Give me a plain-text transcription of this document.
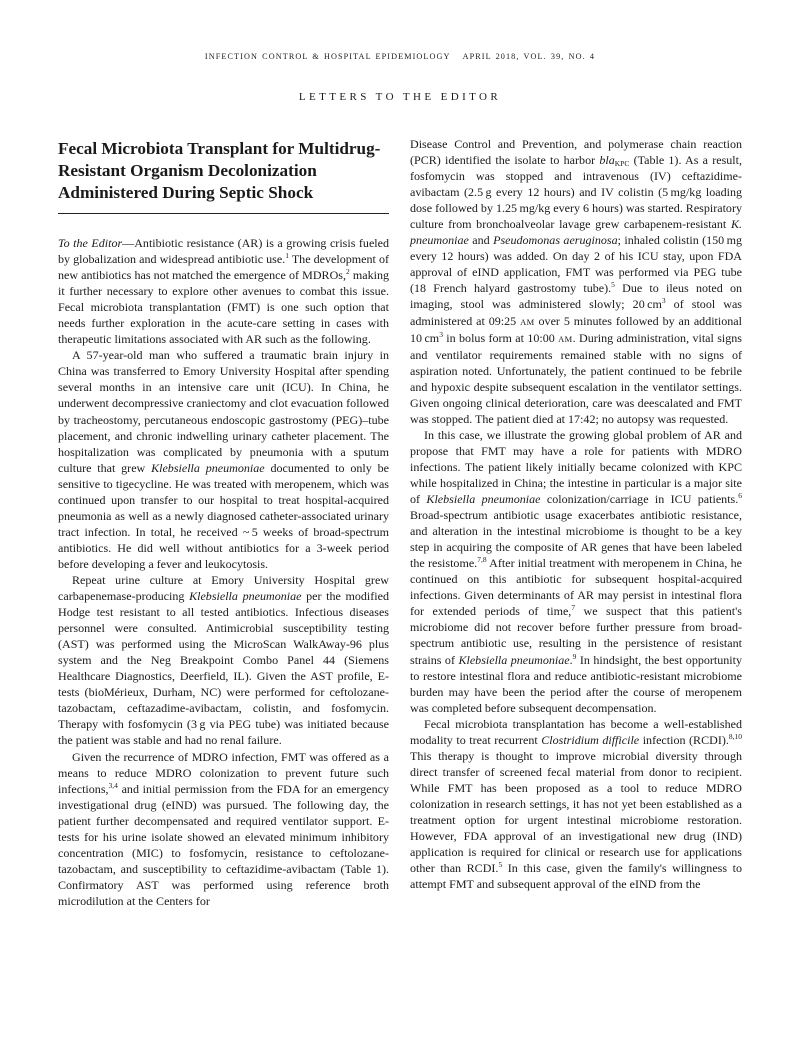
INFECTION CONTROL & HOSPITAL EPIDEMIOLOGY APRIL 2018, VOL. 39, NO. 4
LETTERS TO THE EDITOR
Fecal Microbiota Transplant for Multidrug-Resistant Organism Decolonization Administered During Septic Shock

To the Editor—Antibiotic resistance (AR) is a growing crisis fueled by globalization and widespread antibiotic use.$^1$ The development of new antibiotics has not matched the emergence of MDROs,$^2$ making it further necessary to explore other avenues to combat this issue. Fecal microbiota transplantation (FMT) is one such option that needs further exploration in the acute-care setting in cases with therapeutic limitations associated with AR such as the following.

A 57-year-old man who suffered a traumatic brain injury in China was transferred to Emory University Hospital after spending several months in an intensive care unit (ICU). In China, he underwent decompressive craniectomy and clot evacuation followed by tracheostomy, percutaneous endoscopic gastrostomy (PEG)–tube placement, and chronic indwelling urinary catheter placement. The hospitalization was complicated by pneumonia with a sputum culture that grew Klebsiella pneumoniae documented to only be sensitive to tigecycline. He was treated with meropenem, which was continued upon transfer to our hospital to treat hospital-acquired pneumonia as well as a newly diagnosed catheter-associated urinary tract infection. In total, he received ~ 5 weeks of broad-spectrum antibiotics. He did well without antibiotics for a 3-week period before developing a fever and leukocytosis.

Repeat urine culture at Emory University Hospital grew carbapenemase-producing Klebsiella pneumoniae per the modified Hodge test resistant to all tested antibiotics. Infectious diseases personnel were consulted. Antimicrobial susceptibility testing (AST) was performed using the MicroScan WalkAway-96 plus system and the Neg Breakpoint Combo Panel 44 (Siemens Healthcare Diagnostics, Deerfield, IL). Given the AST profile, E-tests (bioMérieux, Durham, NC) were performed for ceftolozane-tazobactam, ceftazadime-avibactam, colistin, and fosfomycin. Therapy with fosfomycin (3 g via PEG tube) was initiated because the patient was stable and had no renal failure.

Given the recurrence of MDRO infection, FMT was offered as a means to reduce MDRO colonization to prevent future such infections,$^{3,4}$ and initial permission from the FDA for an emergency investigational drug (eIND) was pursued. The following day, the patient further decompensated and required ventilator support. E-tests for his urine isolate showed an elevated minimum inhibitory concentration (MIC) to fosfomycin, resistance to ceftolozane-tazobactam, and susceptibility to ceftazidime-avibactam (Table 1). Confirmatory AST was performed using reference broth microdilution at the Centers for

Disease Control and Prevention, and polymerase chain reaction (PCR) identified the isolate to harbor bla$_{KPC}$ (Table 1). As a result, fosfomycin was stopped and intravenous (IV) ceftazidime-avibactam (2.5 g every 12 hours) and IV colistin (5 mg/kg loading dose followed by 1.25 mg/kg every 6 hours) was started. Respiratory culture from bronchoalveolar lavage grew carbapenem-resistant K. pneumoniae and Pseudomonas aeruginosa; inhaled colistin (150 mg every 12 hours) was added. On day 2 of his ICU stay, upon FDA approval of eIND application, FMT was performed via PEG tube (18 French halyard gastrostomy tube).$^5$ Due to ileus noted on imaging, stool was administered slowly; 20 $cm^3$ of stool was administered at 09:25 AM over 5 minutes followed by an additional 10 $cm^3$ in bolus form at 10:00 AM. During administration, vital signs and ventilator requirements remained stable with no signs of aspiration noted. Unfortunately, the patient continued to be febrile and hypoxic despite subsequent escalation in the ventilator settings. Given ongoing clinical deterioration, care was deescalated and FMT was stopped. The patient died at 17:42; no autopsy was requested.

In this case, we illustrate the growing global problem of AR and propose that FMT may have a role for patients with MDRO infections. The patient likely initially became colonized with KPC while hospitalized in China; the intestine in particular is a major site of Klebsiella pneumoniae colonization/carriage in ICU patients.$^6$ Broad-spectrum antibiotic usage exacerbates antibiotic resistance, and alteration in the intestinal microbiome is thought to be a key step in acquiring the composite of AR genes that have been labeled the resistome.$^{7,8}$ After initial treatment with meropenem in China, he continued on this antibiotic for subsequent hospital-acquired infections. Given determinants of AR may persist in intestinal flora for extended periods of time,$^7$ we suspect that this patient's microbiome did not recover before further pressure from broad-spectrum antibiotic use, resulting in the persistence of resistant strains of Klebsiella pneumoniae.$^9$ In hindsight, the best opportunity to restore intestinal flora and reduce antibiotic-resistant microbiome burden may have been the period after the course of meropenem was completed before subsequent decompensation.

Fecal microbiota transplantation has become a well-established modality to treat recurrent Clostridium difficile infection (RCDI).$^{8,10}$ This therapy is thought to improve microbial diversity through direct transfer of screened fecal material from donor to recipient. While FMT has been proposed as a tool to reduce MDRO colonization in research settings, it has not yet been established as a treatment option for urgent intestinal microbiome restoration. However, FDA approval of an investigational new drug (IND) application is required for clinical or research use for applications other than RCDI.$^5$ In this case, given the family's willingness to attempt FMT and subsequent approval of the eIND from the
